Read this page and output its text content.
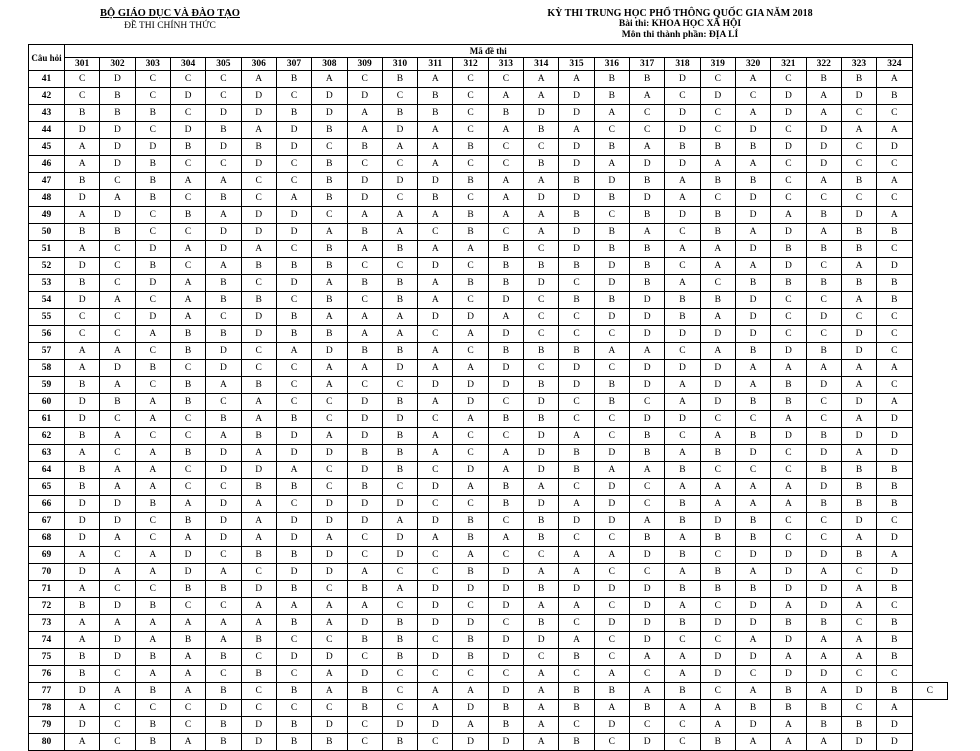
BỘ GIÁO DỤC VÀ ĐÀO TẠO
ĐỀ THI CHÍNH THỨC
KỲ THI TRUNG HỌC PHỔ THÔNG QUỐC GIA NĂM 2018
Bài thi: KHOA HỌC XÃ HỘI
Môn thi thành phần: ĐỊA LÍ
Câu hỏi	Mã đề thi																								
	301	302	303	304	305	306	307	308	309	310	311	312	313	314	315	316	317	318	319	320	321	322	323	324	
41	C	D	C	C	C	A	B	A	C	B	A	C	C	A	A	B	B	D	C	A	C	B	B	A	
42	C	B	C	D	C	D	C	D	D	C	B	C	A	A	D	B	A	C	D	C	D	A	D	B	
43	B	B	B	C	D	D	B	D	A	B	B	C	B	D	D	A	C	D	C	A	D	A	C	C	
44	D	D	C	D	B	A	D	B	A	D	A	C	A	B	A	C	C	D	C	D	C	D	A	A	
45	A	D	D	B	D	B	D	C	B	A	A	B	C	C	D	B	A	B	B	B	D	D	C	D	
46	A	D	B	C	C	D	C	B	C	C	A	C	C	B	D	A	D	D	A	A	C	D	C	C	
47	B	C	B	A	A	C	C	B	D	D	D	B	A	A	B	D	B	A	B	B	C	A	B	A	
48	D	A	B	C	B	C	A	B	D	C	B	C	A	D	D	B	D	A	C	D	C	C	C	C	
49	A	D	C	B	A	D	D	C	A	A	A	B	A	A	B	C	B	D	B	D	A	B	D	A	
50	B	B	C	C	D	D	D	A	B	A	C	B	C	A	D	B	A	C	B	A	D	A	B	B	
51	A	C	D	A	D	A	C	B	A	B	A	A	B	C	D	B	B	A	A	D	B	B	B	C	
52	D	C	B	C	A	B	B	B	C	C	D	C	B	B	B	D	B	C	A	A	D	C	A	D	
53	B	C	D	A	B	C	D	A	B	B	A	B	B	D	C	D	B	A	C	B	B	B	B	B	
54	D	A	C	A	B	B	C	B	C	B	A	C	D	C	B	B	D	B	B	D	C	C	A	B	
55	C	C	D	A	C	D	B	A	A	A	D	D	A	C	C	D	D	B	A	D	C	D	C	C	
56	C	C	A	B	B	D	B	B	A	A	C	A	D	C	C	C	D	D	D	D	C	C	D	C	
57	A	A	C	B	D	C	A	D	B	B	A	C	B	B	B	A	A	C	A	B	D	B	D	C	
58	A	D	B	C	D	C	C	A	A	D	A	A	D	C	D	C	D	D	D	A	A	A	A	A	
59	B	A	C	B	A	B	C	A	C	C	D	D	D	B	D	B	D	A	D	A	B	D	A	C	
60	D	B	A	B	C	A	C	C	D	B	A	D	C	D	C	B	C	A	D	B	B	C	D	A	
61	D	C	A	C	B	A	B	C	D	D	C	A	B	B	C	C	D	D	C	C	A	C	A	D	
62	B	A	C	C	A	B	D	A	D	B	A	C	C	D	A	C	B	C	A	B	D	B	D	D	
63	A	C	A	B	D	A	D	D	B	B	A	C	A	D	B	D	B	A	B	D	C	D	A	D	
64	B	A	A	C	D	D	A	C	D	B	C	D	A	D	B	A	A	B	C	C	C	B	B	B	
65	B	A	A	C	C	B	B	C	B	C	D	A	B	A	C	D	C	A	A	A	A	D	B	B	
66	D	D	B	A	D	A	C	D	D	D	C	C	B	D	A	D	C	B	A	A	A	B	B	B	
67	D	D	C	B	D	A	D	D	D	A	D	B	C	B	D	D	A	B	D	B	C	C	D	C	
68	D	A	C	A	D	A	D	A	C	D	A	B	A	B	C	C	B	A	B	B	C	C	A	D	
69	A	C	A	D	C	B	B	D	C	D	C	A	C	C	A	A	D	B	C	D	D	D	B	A	
70	D	A	A	D	A	C	D	D	A	C	C	B	D	A	A	C	C	A	B	A	D	A	C	D	
71	A	C	C	B	B	D	B	C	B	A	D	D	D	B	D	D	D	B	B	B	D	D	A	B	
72	B	D	B	C	C	A	A	A	A	C	D	C	D	A	A	C	D	A	C	D	A	D	A	C	
73	A	A	A	A	A	A	B	A	D	B	D	D	C	B	C	D	D	B	D	D	B	B	C	B	
74	A	D	A	B	A	B	C	C	B	B	C	B	D	D	A	C	D	C	C	A	D	A	A	B	
75	B	D	B	A	B	C	D	D	C	B	D	B	D	C	B	C	A	A	D	D	A	A	A	B	
76	B	C	A	A	C	B	C	A	D	C	C	C	C	A	C	A	C	A	D	C	D	D	C	C	
77	D	A	B	A	B	C	B	A	B	C	A	A	D	A	B	B	A	B	C	A	B	A	D	B	C
78	A	C	C	C	D	C	C	C	B	C	A	D	B	A	B	A	B	A	A	B	B	B	C	A	
79	D	C	B	C	B	D	B	D	C	D	D	A	B	A	C	D	C	C	A	D	A	B	B	D	
80	A	C	B	A	B	D	B	B	C	B	C	D	D	A	B	C	D	C	B	A	A	A	D	D	
